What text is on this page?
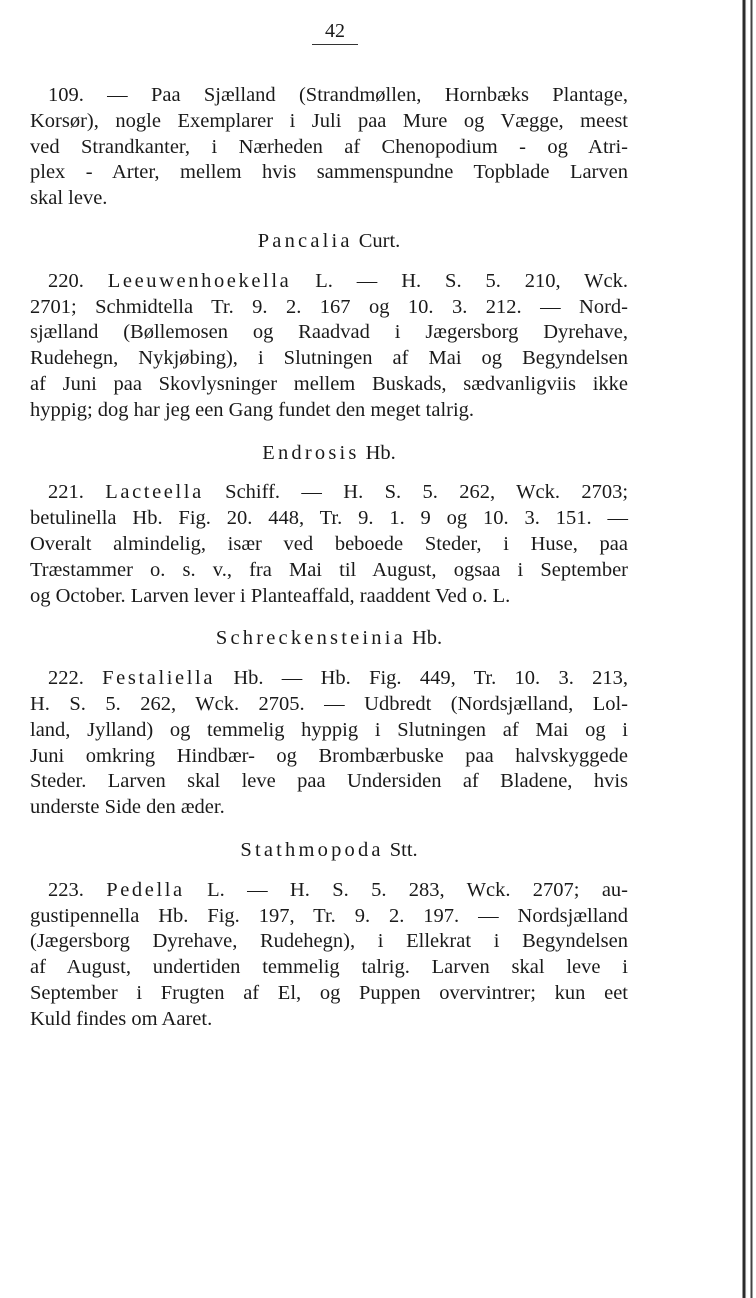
42
109. — Paa Sjælland (Strandmøllen, Hornbæks Plantage,
Korsør), nogle Exemplarer i Juli paa Mure og Vægge, meest
ved Strandkanter, i Nærheden af Chenopodium - og Atri-
plex - Arter, mellem hvis sammenspundne Topblade Larven
skal leve.
Pancalia Curt.
220. Leeuwenhoekella L. — H. S. 5. 210, Wck.
2701; Schmidtella Tr. 9. 2. 167 og 10. 3. 212. — Nord-
sjælland (Bøllemosen og Raadvad i Jægersborg Dyrehave,
Rudehegn, Nykjøbing), i Slutningen af Mai og Begyndelsen
af Juni paa Skovlysninger mellem Buskads, sædvanligviis ikke
hyppig; dog har jeg een Gang fundet den meget talrig.
Endrosis Hb.
221. Lacteella Schiff. — H. S. 5. 262, Wck. 2703;
betulinella Hb. Fig. 20. 448, Tr. 9. 1. 9 og 10. 3. 151. —
Overalt almindelig, især ved beboede Steder, i Huse, paa
Træstammer o. s. v., fra Mai til August, ogsaa i September
og October. Larven lever i Planteaffald, raaddent Ved o. L.
Schreckensteinia Hb.
222. Festaliella Hb. — Hb. Fig. 449, Tr. 10. 3. 213,
H. S. 5. 262, Wck. 2705. — Udbredt (Nordsjælland, Lol-
land, Jylland) og temmelig hyppig i Slutningen af Mai og i
Juni omkring Hindbær- og Brombærbuske paa halvskyggede
Steder. Larven skal leve paa Undersiden af Bladene, hvis
underste Side den æder.
Stathmopoda Stt.
223. Pedella L. — H. S. 5. 283, Wck. 2707; au-
gustipennella Hb. Fig. 197, Tr. 9. 2. 197. — Nordsjælland
(Jægersborg Dyrehave, Rudehegn), i Ellekrat i Begyndelsen
af August, undertiden temmelig talrig. Larven skal leve i
September i Frugten af El, og Puppen overvintrer; kun eet
Kuld findes om Aaret.
